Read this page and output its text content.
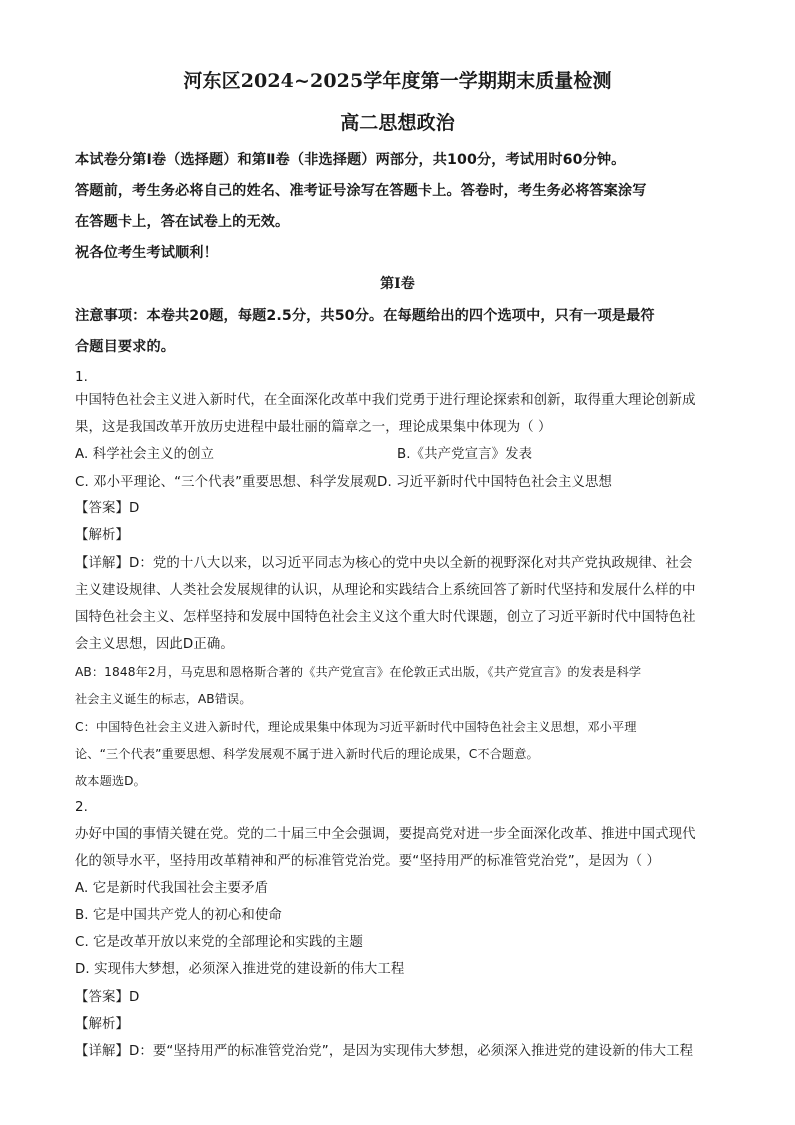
河东区2024~2025学年度第一学期期末质量检测
高二思想政治
本试卷分第Ⅰ卷（选择题）和第Ⅱ卷（非选择题）两部分，共100分，考试用时60分钟。
答题前，考生务必将自己的姓名、准考证号涂写在答题卡上。答卷时，考生务必将答案涂写
在答题卡上，答在试卷上的无效。
祝各位考生考试顺利！
第Ⅰ卷
注意事项：本卷共20题，每题2.5分，共50分。在每题给出的四个选项中，只有一项是最符
合题目要求的。
1.
中国特色社会主义进入新时代，在全面深化改革中我们党勇于进行理论探索和创新，取得重大理论创新成
果，这是我国改革开放历史进程中最壮丽的篇章之一，理论成果集中体现为（ ）
A. 科学社会主义的创立	B.《共产党宣言》发表
C. 邓小平理论、“三个代表”重要思想、科学发展观D. 习近平新时代中国特色社会主义思想
【答案】D
【解析】
【详解】D：党的十八大以来，以习近平同志为核心的党中央以全新的视野深化对共产党执政规律、社会
主义建设规律、人类社会发展规律的认识，从理论和实践结合上系统回答了新时代坚持和发展什么样的中
国特色社会主义、怎样坚持和发展中国特色社会主义这个重大时代课题，创立了习近平新时代中国特色社
会主义思想，因此D正确。
AB：1848年2月，马克思和恩格斯合著的《共产党宣言》在伦敦正式出版，《共产党宣言》的发表是科学
社会主义诞生的标志，AB错误。
C：中国特色社会主义进入新时代，理论成果集中体现为习近平新时代中国特色社会主义思想，邓小平理
论、“三个代表”重要思想、科学发展观不属于进入新时代后的理论成果，C不合题意。
故本题选D。
2.
办好中国的事情关键在党。党的二十届三中全会强调，要提高党对进一步全面深化改革、推进中国式现代
化的领导水平，坚持用改革精神和严的标准管党治党。要“坚持用严的标准管党治党”，是因为（ ）
A. 它是新时代我国社会主要矛盾
B. 它是中国共产党人的初心和使命
C. 它是改革开放以来党的全部理论和实践的主题
D. 实现伟大梦想，必须深入推进党的建设新的伟大工程
【答案】D
【解析】
【详解】D：要“坚持用严的标准管党治党”，是因为实现伟大梦想，必须深入推进党的建设新的伟大工程
